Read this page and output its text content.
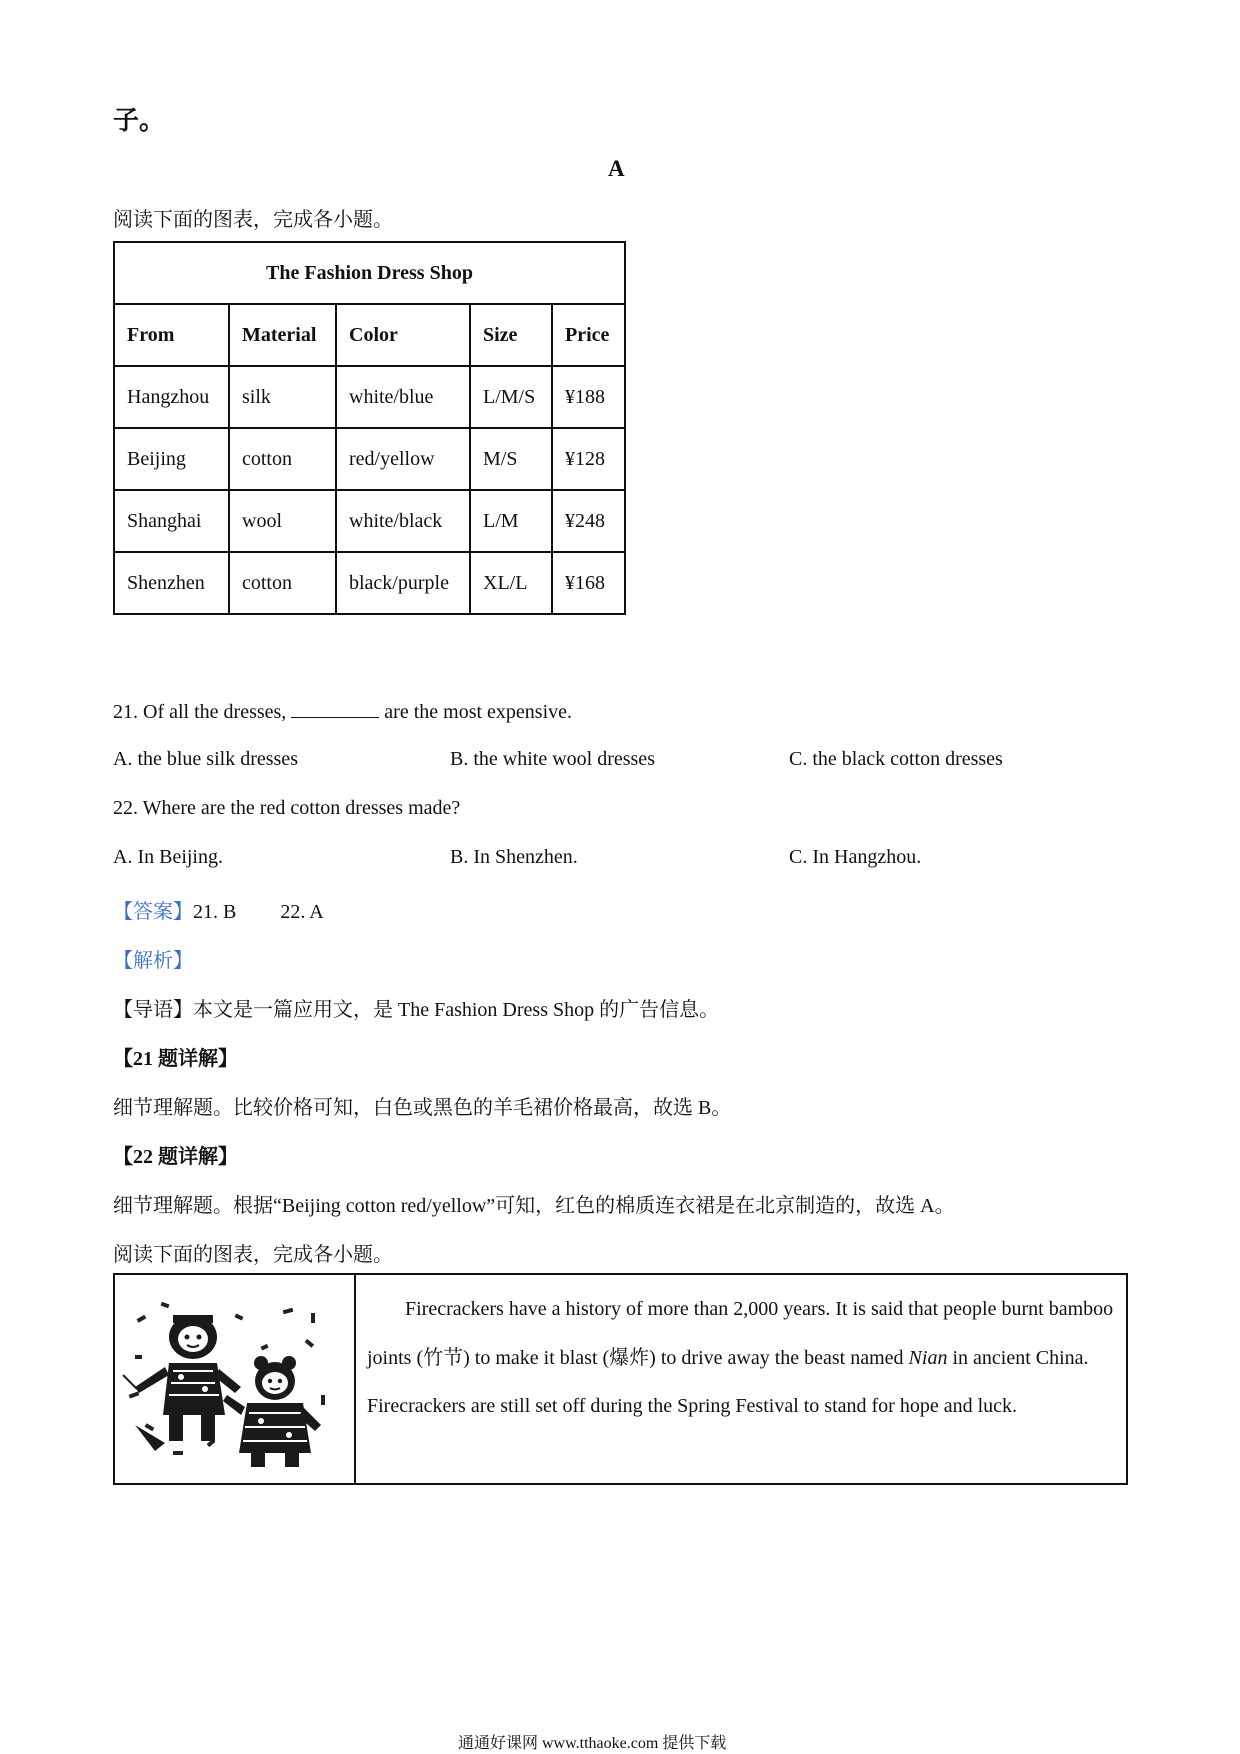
子。
A
阅读下面的图表，完成各小题。
The Fashion Dress Shop				
From	Material	Color	Size	Price
Hangzhou	silk	white/blue	L/M/S	¥188
Beijing	cotton	red/yellow	M/S	¥128
Shanghai	wool	white/black	L/M	¥248
Shenzhen	cotton	black/purple	XL/L	¥168
21. Of all the dresses,	are the most expensive.
A. the blue silk dresses	B. the white wool dresses	C. the black cotton dresses
22. Where are the red cotton dresses made?
A. In Beijing.	B. In Shenzhen.	C. In Hangzhou.
【答案】21. B 22. A
【解析】
【导语】本文是一篇应用文，是 The Fashion Dress Shop 的广告信息。
【21 题详解】
细节理解题。比较价格可知，白色或黑色的羊毛裙价格最高，故选 B。
【22 题详解】
细节理解题。根据“Beijing cotton red/yellow”可知，红色的棉质连衣裙是在北京制造的，故选 A。
阅读下面的图表，完成各小题。

Firecrackers have a history of more than 2,000 years. It is said that people burnt bamboo joints (竹节) to make it blast (爆炸) to drive away the beast named Nian in ancient China. Firecrackers are still set off during the Spring Festival to stand for hope and luck.

通通好课网 www.tthaoke.com 提供下载
